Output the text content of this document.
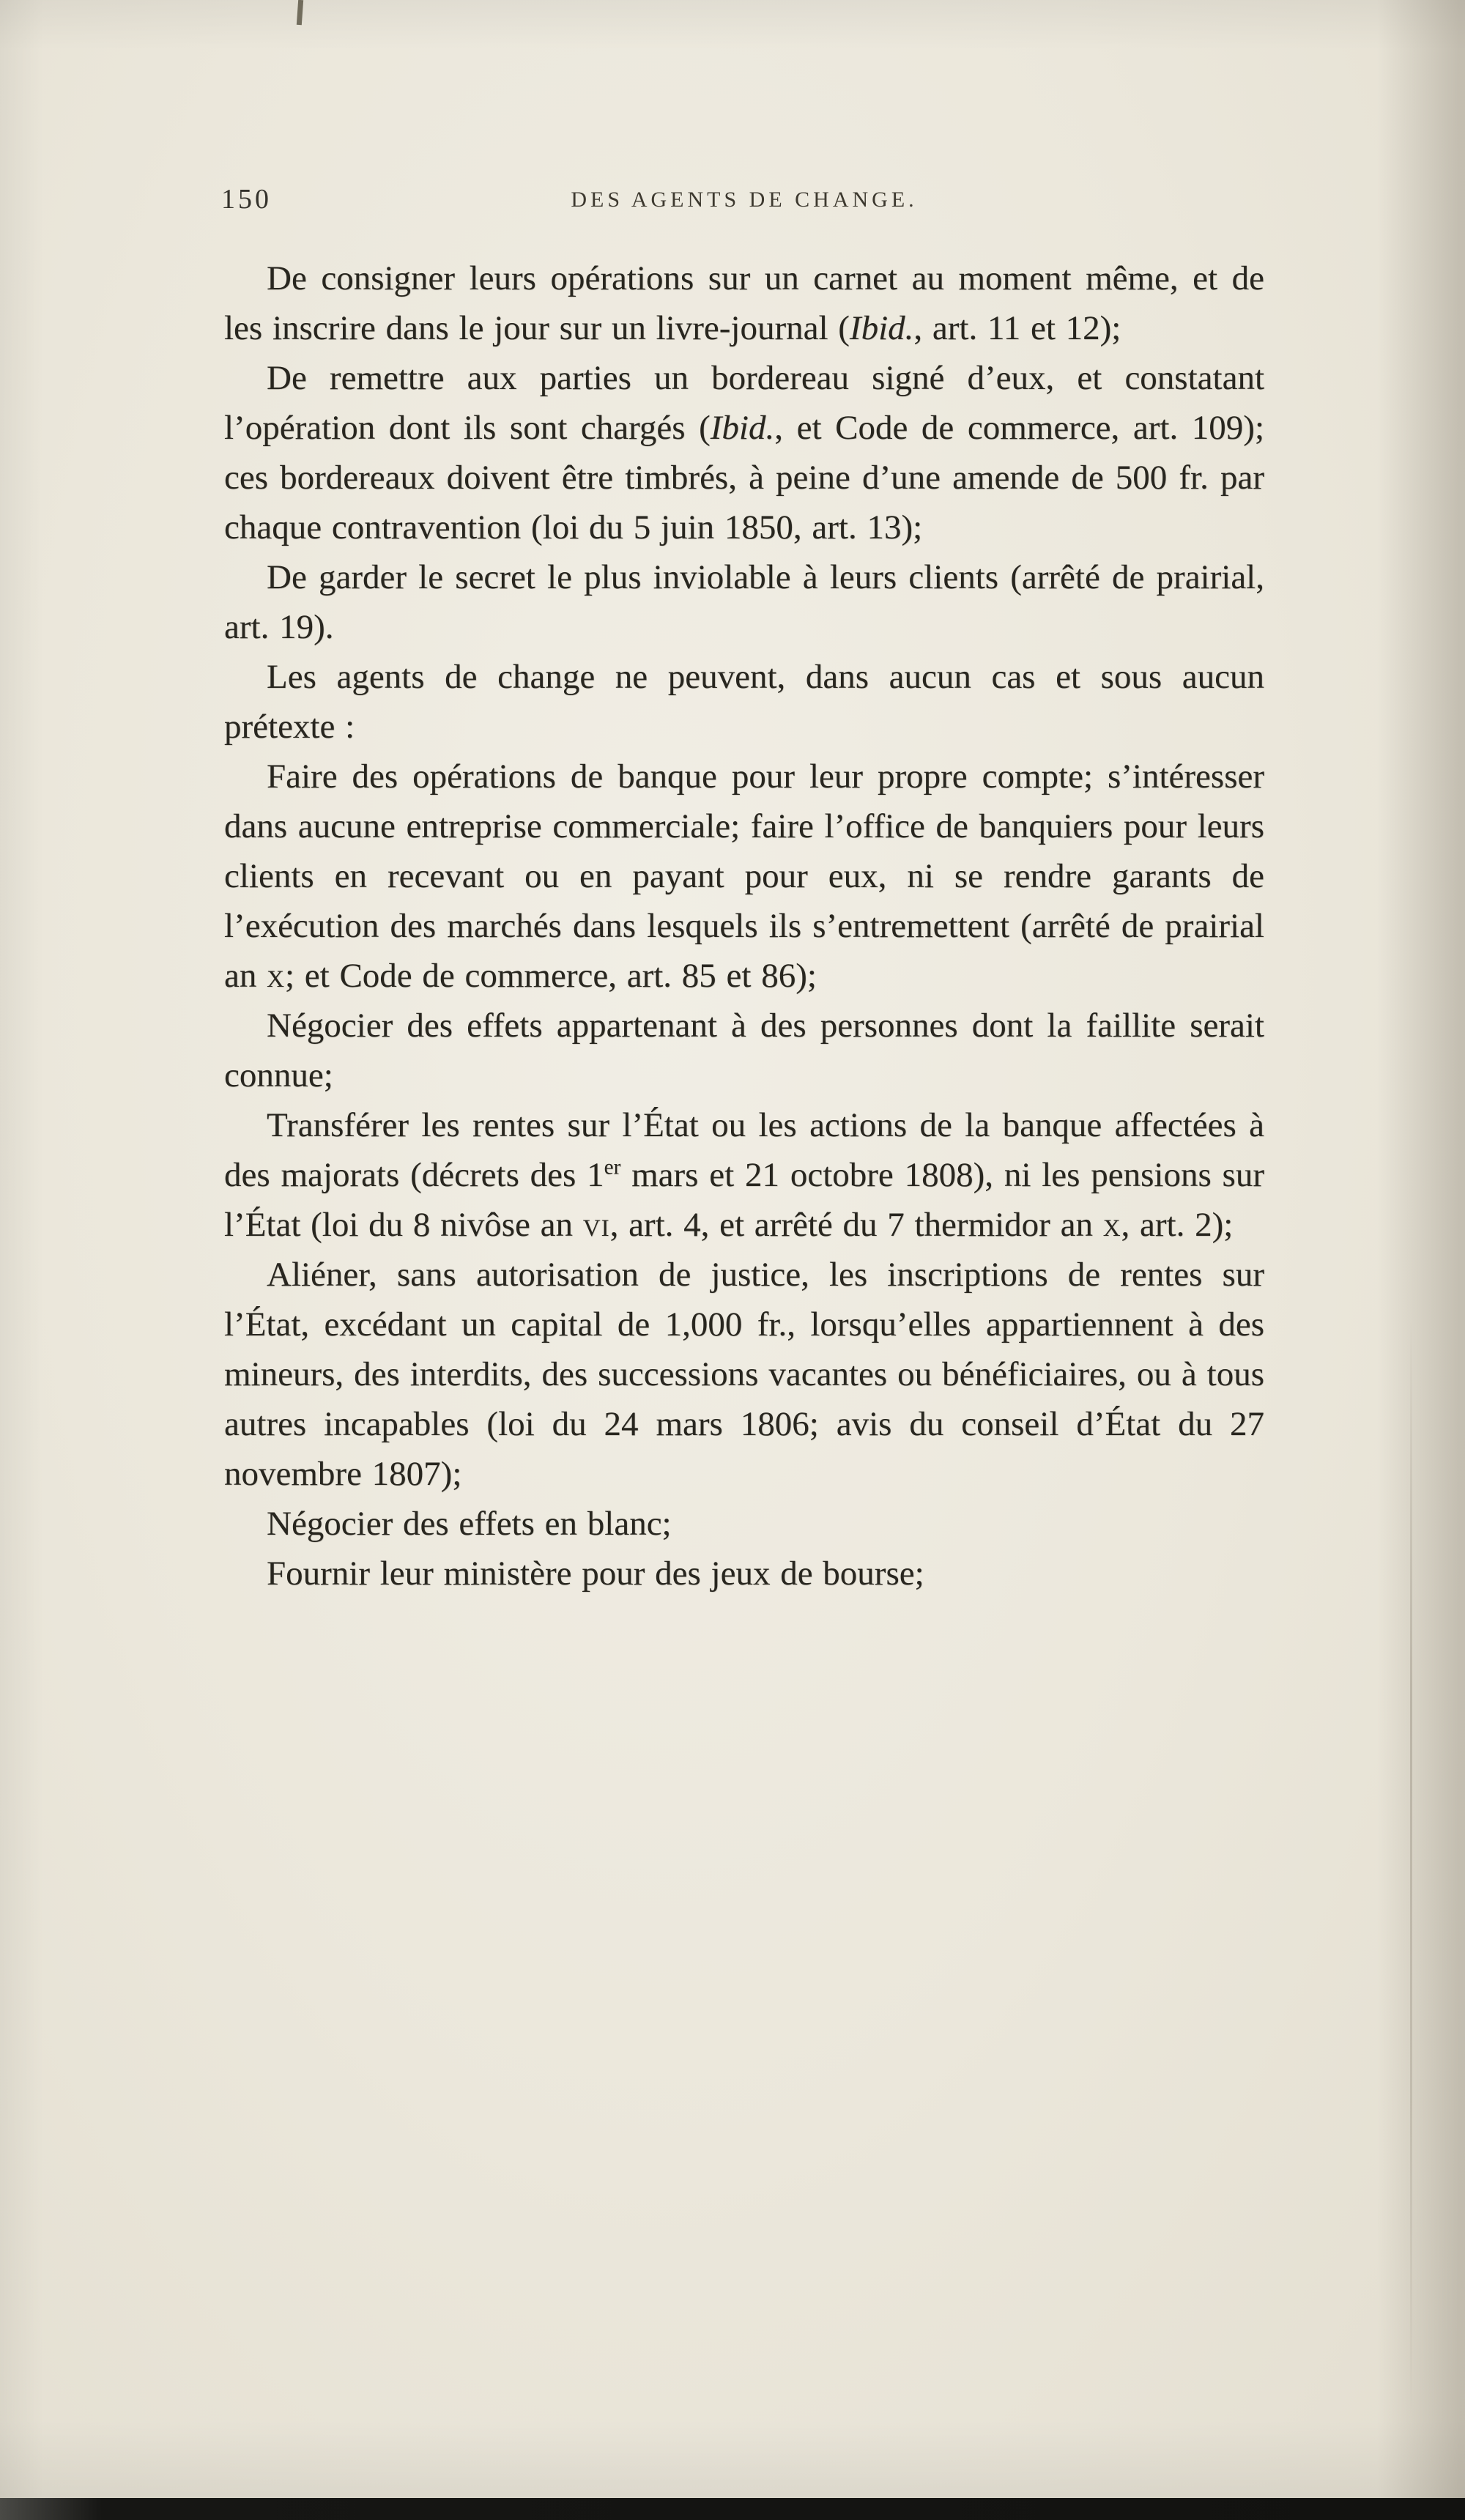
150	DES AGENTS DE CHANGE.

De consigner leurs opérations sur un carnet au moment même, et de les inscrire dans le jour sur un livre-journal (Ibid., art. 11 et 12);

De remettre aux parties un bordereau signé d’eux, et constatant l’opération dont ils sont chargés (Ibid., et Code de commerce, art. 109); ces bordereaux doivent être timbrés, à peine d’une amende de 500 fr. par chaque contravention (loi du 5 juin 1850, art. 13);

De garder le secret le plus inviolable à leurs clients (arrêté de prairial, art. 19).

Les agents de change ne peuvent, dans aucun cas et sous aucun prétexte :

Faire des opérations de banque pour leur propre compte; s’intéresser dans aucune entreprise commerciale; faire l’office de banquiers pour leurs clients en recevant ou en payant pour eux, ni se rendre garants de l’exécution des marchés dans lesquels ils s’entremettent (arrêté de prairial an x; et Code de commerce, art. 85 et 86);

Négocier des effets appartenant à des personnes dont la faillite serait connue;

Transférer les rentes sur l’État ou les actions de la banque affectées à des majorats (décrets des 1er mars et 21 octobre 1808), ni les pensions sur l’État (loi du 8 nivôse an vi, art. 4, et arrêté du 7 thermidor an x, art. 2);

Aliéner, sans autorisation de justice, les inscriptions de rentes sur l’État, excédant un capital de 1,000 fr., lorsqu’elles appartiennent à des mineurs, des interdits, des successions vacantes ou bénéficiaires, ou à tous autres incapables (loi du 24 mars 1806; avis du conseil d’État du 27 novembre 1807);

Négocier des effets en blanc;

Fournir leur ministère pour des jeux de bourse;
